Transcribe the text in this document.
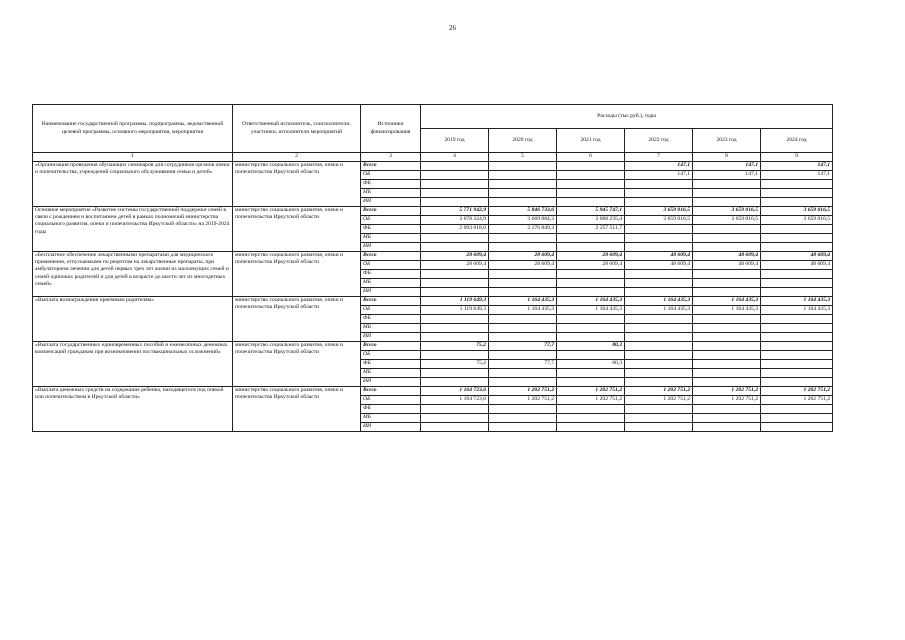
26
Наименование государственной программы, подпрограммы, ведомственной целевой программы, основного мероприятия, мероприятия	Ответственный исполнитель, соисполнители, участники, исполнители мероприятий	Источники финансирования	Расходы (тыс.руб.), годы					
			2019 год	2020 год	2021 год	2022 год	2023 год	2024 год
1	2	3	4	5	6	7	8	9
«Организация проведения обучающих семинаров для сотрудников органов опеки и попечительства, учреждений социального обслуживания семьи и детей»	министерство социального развития, опеки и попечительства Иркутской области	Всего				147,1	147,1	147,1
		ОБ				147,1	147,1	147,1
		ФБ						
		МБ						
		ИИ						
Основное мероприятие «Развитие системы государственной поддержки семей в связи с рождением и воспитанием детей в рамках полномочий министерства социального развития, опеки и попечительства Иркутской области» на 2019-2024 годы	министерство социального развития, опеки и попечительства Иркутской области	Всего	5 771 942,9	5 846 733,6	5 945 747,1	3 659 016,5	3 659 016,5	3 659 016,5
		ОБ	3 678 324,9	3 669 884,3	3 688 235,4	3 659 016,5	3 659 016,5	3 659 016,5
		ФБ	2 093 618,0	2 176 849,3	2 257 511,7			
		МБ						
		ИИ						
«Бесплатное обеспечение лекарственными препаратами для медицинского применения, отпускаемыми по рецептам на лекарственные препараты, при амбулаторном лечении для детей первых трех лет жизни из малоимущих семей и семей одиноких родителей и для детей в возрасте до шести лет из многодетных семей»	министерство социального развития, опеки и попечительства Иркутской области	Всего	28 609,4	28 609,4	28 609,4	48 609,4	48 609,4	48 609,4
		ОБ	28 609,4	28 609,4	28 609,4	48 609,4	48 609,4	48 609,4
		ФБ						
		МБ						
		ИИ						
«Выплата вознаграждения приемным родителям»	министерство социального развития, опеки и попечительства Иркутской области	Всего	1 119 649,3	1 164 435,3	1 164 435,3	1 164 435,3	1 164 435,3	1 164 435,3
		ОБ	1 119 649,3	1 164 435,3	1 164 435,3	1 164 435,3	1 164 435,3	1 164 435,3
		ФБ						
		МБ						
		ИИ						
«Выплата государственных единовременных пособий и ежемесячных денежных компенсаций гражданам при возникновении поствакцинальных осложнений»	министерство социального развития, опеки и попечительства Иркутской области	Всего	75,2	77,7	80,3			
		ОБ						
		ФБ	75,2	77,7	80,3			
		МБ						
		ИИ						
«Выплата денежных средств на содержание ребенка, находящегося под опекой или попечительством в Иркутской области»	министерство социального развития, опеки и попечительства Иркутской области	Всего	1 164 723,6	1 202 751,2	1 202 751,2	1 202 751,2	1 202 751,2	1 202 751,2
		ОБ	1 164 723,6	1 202 751,2	1 202 751,2	1 202 751,2	1 202 751,2	1 202 751,2
		ФБ						
		МБ						
		ИИ						
